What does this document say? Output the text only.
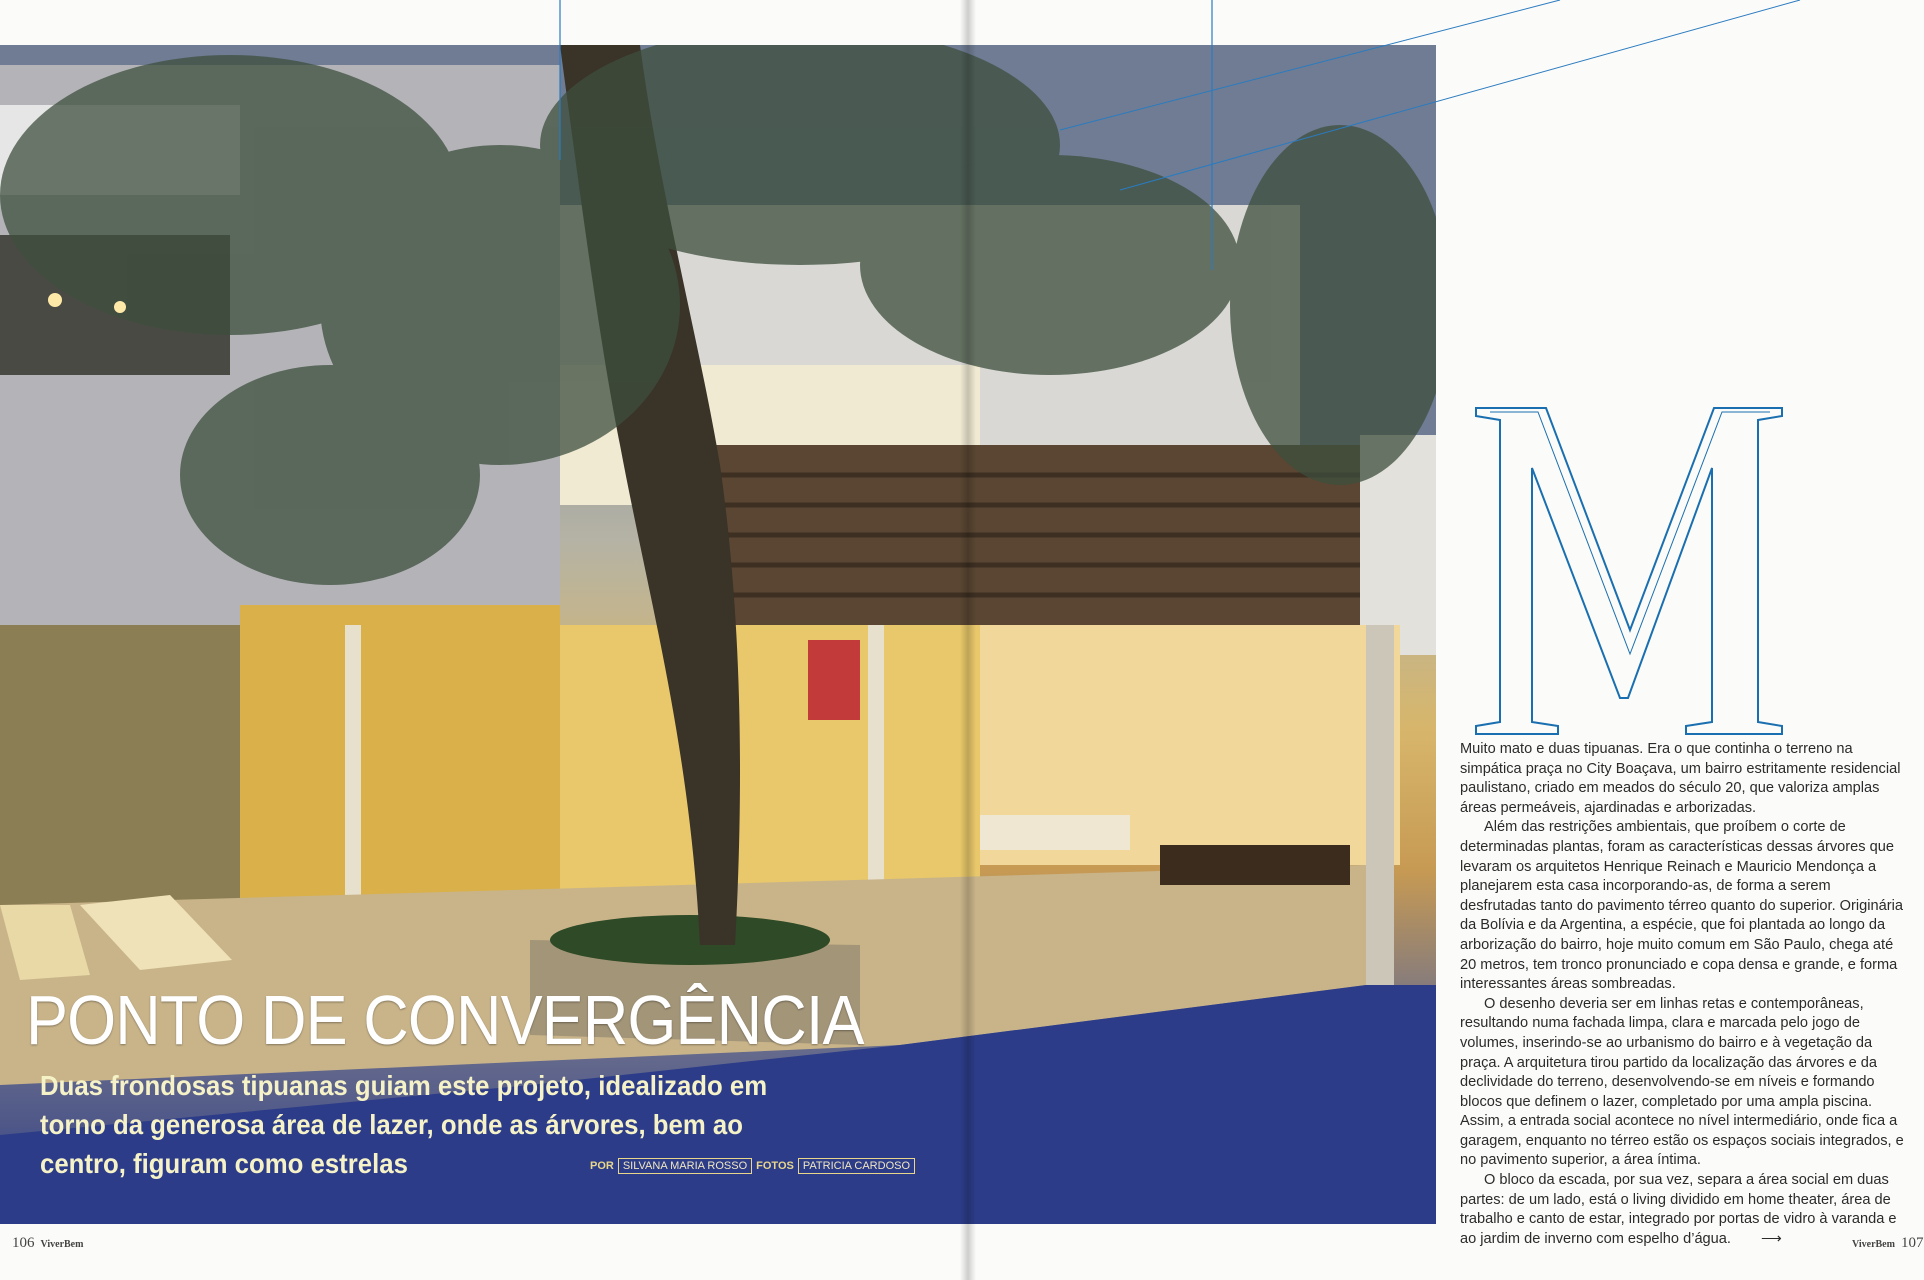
Muito mato e duas tipuanas. Era o que continha o terreno na simpática praça no City Boaçava, um bairro estritamente residencial paulistano, criado em meados do século 20, que valoriza amplas áreas permeáveis, ajardinadas e arborizadas.

Além das restrições ambientais, que proíbem o corte de determinadas plantas, foram as características dessas árvores que levaram os arquitetos Henrique Reinach e Mauricio Mendonça a planejarem esta casa incorporando-as, de forma a serem desfrutadas tanto do pavimento térreo quanto do superior. Originária da Bolívia e da Argentina, a espécie, que foi plantada ao longo da arborização do bairro, hoje muito comum em São Paulo, chega até 20 metros, tem tronco pronunciado e copa densa e grande, e forma interessantes áreas sombreadas.

O desenho deveria ser em linhas retas e contemporâneas, resultando numa fachada limpa, clara e marcada pelo jogo de volumes, inserindo-se ao urbanismo do bairro e à vegetação da praça. A arquitetura tirou partido da localização das árvores e da declividade do terreno, desenvolvendo-se em níveis e formando blocos que definem o lazer, completado por uma ampla piscina. Assim, a entrada social acontece no nível intermediário, onde fica a garagem, enquanto no térreo estão os espaços sociais integrados, e no pavimento superior, a área íntima.

O bloco da escada, por sua vez, separa a área social em duas partes: de um lado, está o living dividido em home theater, área de trabalho e canto de estar, integrado por portas de vidro à varanda e ao jardim de inverno com espelho d’água. ⟶

PONTO DE CONVERGÊNCIA
Duas frondosas tipuanas guiam este projeto, idealizado em torno da generosa área de lazer, onde as árvores, bem ao centro, figuram como estrelas	POR SILVANA MARIA ROSSO FOTOS PATRICIA CARDOSO
106 ViverBem	ViverBem 107
